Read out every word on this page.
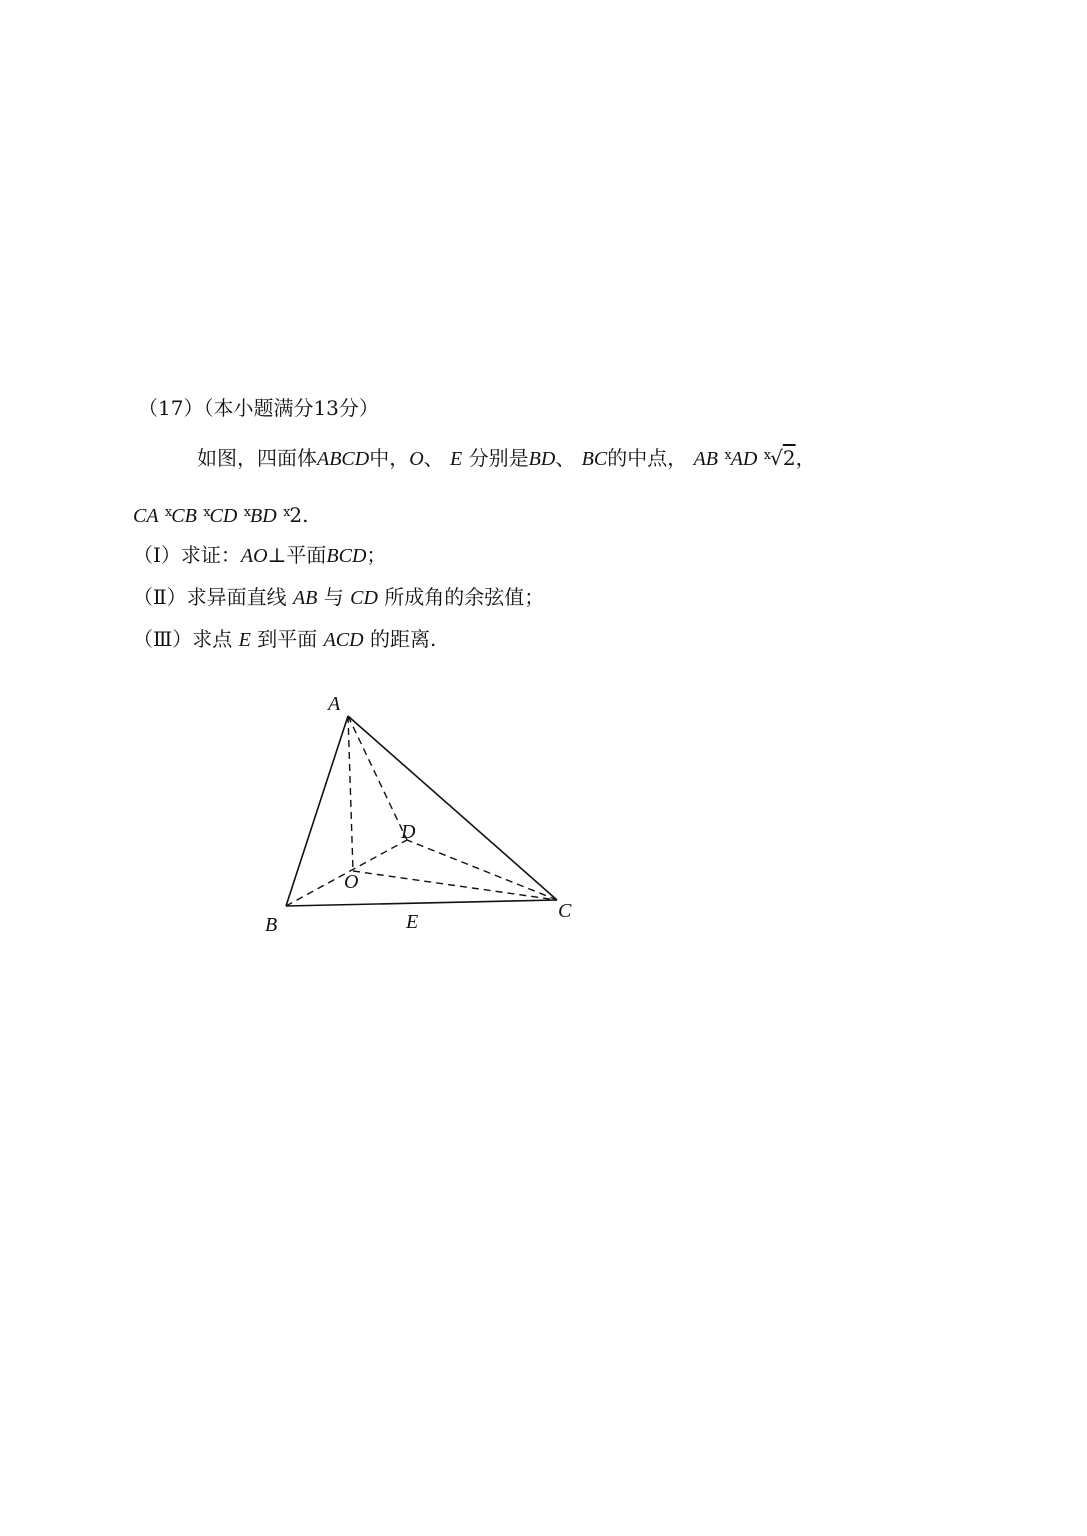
（17）（本小题满分13分）
如图，四面体ABCD中，O、 E 分别是BD、 BC的中点， AB $^ⅹ$AD $^ⅹ$√2，
CA $^ⅹ$CB $^ⅹ$CD $^ⅹ$BD $^ⅹ$2.
（Ⅰ）求证：AO⊥平面BCD；
（Ⅱ）求异面直线 AB 与 CD 所成角的余弦值；
（Ⅲ）求点 E 到平面 ACD 的距离.
A
D
O
B	E	C
